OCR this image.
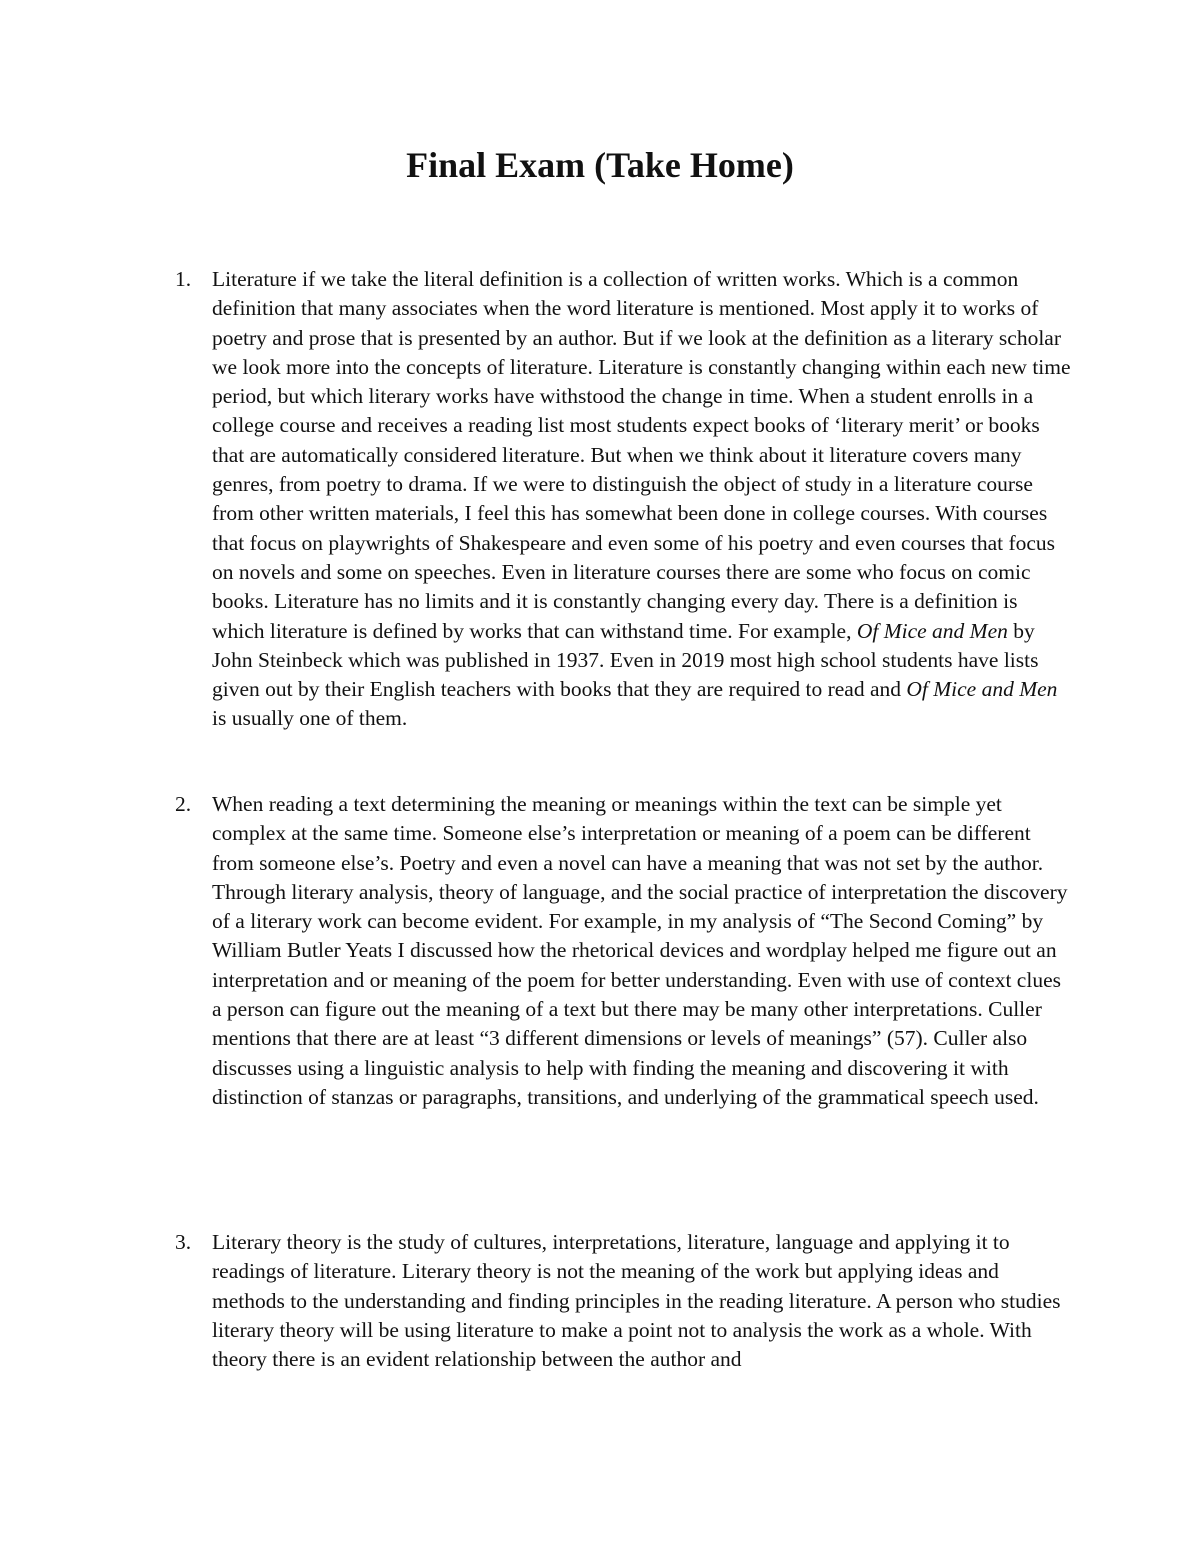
Final Exam (Take Home)
1. Literature if we take the literal definition is a collection of written works. Which is a common definition that many associates when the word literature is mentioned. Most apply it to works of poetry and prose that is presented by an author. But if we look at the definition as a literary scholar we look more into the concepts of literature. Literature is constantly changing within each new time period, but which literary works have withstood the change in time. When a student enrolls in a college course and receives a reading list most students expect books of ‘literary merit’ or books that are automatically considered literature. But when we think about it literature covers many genres, from poetry to drama. If we were to distinguish the object of study in a literature course from other written materials, I feel this has somewhat been done in college courses. With courses that focus on playwrights of Shakespeare and even some of his poetry and even courses that focus on novels and some on speeches. Even in literature courses there are some who focus on comic books. Literature has no limits and it is constantly changing every day. There is a definition is which literature is defined by works that can withstand time. For example, Of Mice and Men by John Steinbeck which was published in 1937. Even in 2019 most high school students have lists given out by their English teachers with books that they are required to read and Of Mice and Men is usually one of them.

2. When reading a text determining the meaning or meanings within the text can be simple yet complex at the same time. Someone else’s interpretation or meaning of a poem can be different from someone else’s. Poetry and even a novel can have a meaning that was not set by the author. Through literary analysis, theory of language, and the social practice of interpretation the discovery of a literary work can become evident. For example, in my analysis of “The Second Coming” by William Butler Yeats I discussed how the rhetorical devices and wordplay helped me figure out an interpretation and or meaning of the poem for better understanding. Even with use of context clues a person can figure out the meaning of a text but there may be many other interpretations. Culler mentions that there are at least “3 different dimensions or levels of meanings” (57). Culler also discusses using a linguistic analysis to help with finding the meaning and discovering it with distinction of stanzas or paragraphs, transitions, and underlying of the grammatical speech used.

3. Literary theory is the study of cultures, interpretations, literature, language and applying it to readings of literature. Literary theory is not the meaning of the work but applying ideas and methods to the understanding and finding principles in the reading literature. A person who studies literary theory will be using literature to make a point not to analysis the work as a whole. With theory there is an evident relationship between the author and
